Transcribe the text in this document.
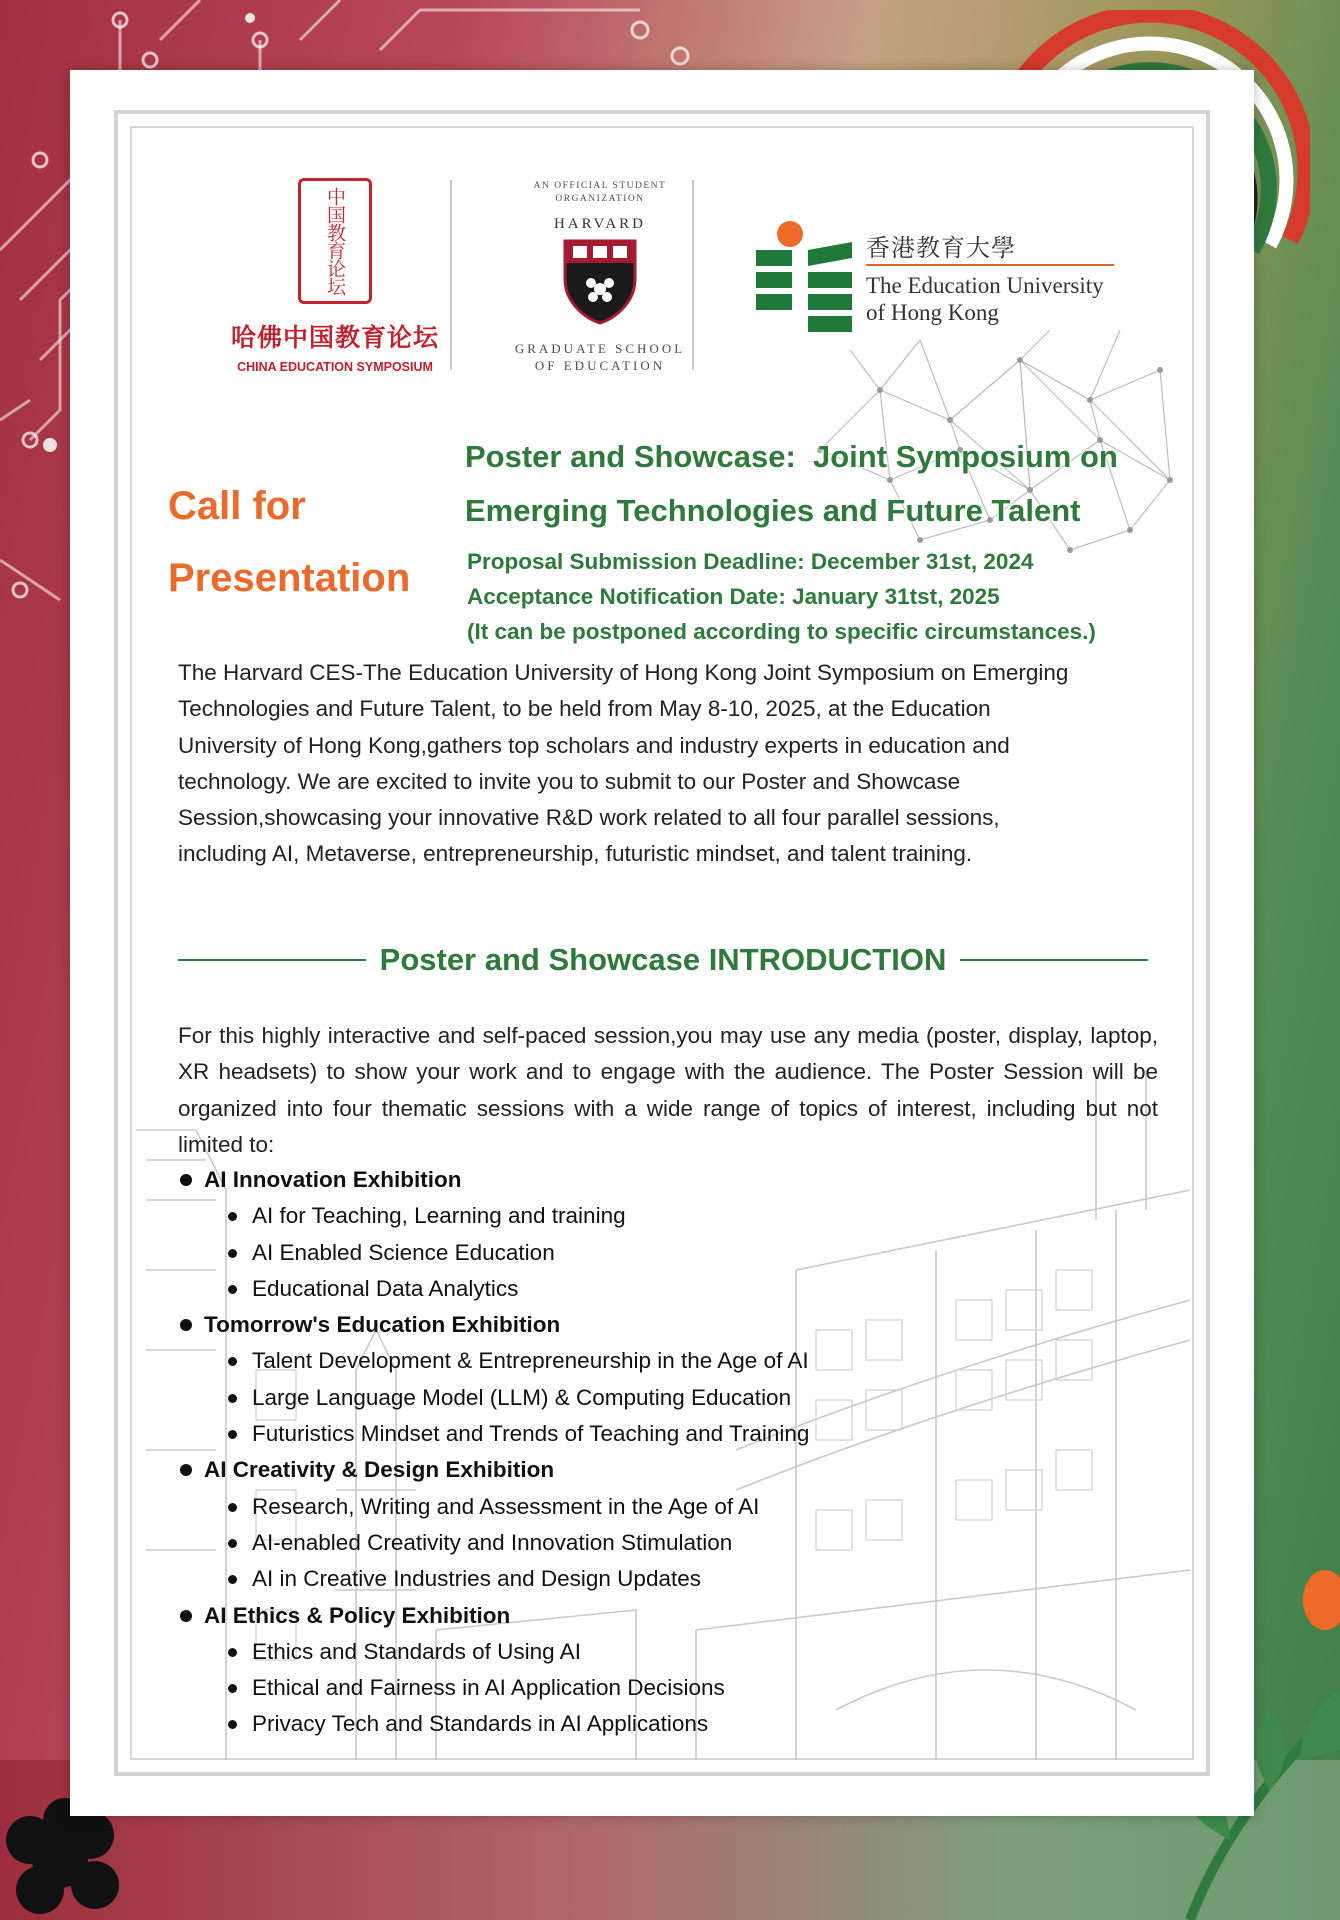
中国教育论坛
哈佛中国教育论坛
CHINA EDUCATION SYMPOSIUM
AN OFFICIAL STUDENT ORGANIZATION
HARVARD
GRADUATE SCHOOL
OF EDUCATION
香港教育大學
The Education University
of Hong Kong
Call for
Presentation
Poster and Showcase:  Joint Symposium on
Emerging Technologies and Future Talent
Proposal Submission Deadline: December 31st, 2024
Acceptance Notification Date: January 31tst, 2025
(It can be postponed according to specific circumstances.)
The Harvard CES-The Education University of Hong Kong Joint Symposium on Emerging
Technologies and Future Talent, to be held from May 8-10, 2025, at the Education
University of Hong Kong,gathers top scholars and industry experts in education and
technology. We are excited to invite you to submit to our Poster and Showcase
Session,showcasing your innovative R&D work related to all four parallel sessions,
including AI, Metaverse, entrepreneurship, futuristic mindset, and talent training.
Poster and Showcase INTRODUCTION
For this highly interactive and self-paced session,you may use any media (poster, display, laptop, XR headsets) to show your work and to engage with the audience. The Poster Session will be organized into four thematic sessions with a wide range of topics of interest, including but not limited to:
AI Innovation Exhibition
AI for Teaching, Learning and training
AI Enabled Science Education
Educational Data Analytics
Tomorrow's Education Exhibition
Talent Development & Entrepreneurship in the Age of AI
Large Language Model (LLM) & Computing Education
Futuristics Mindset and Trends of Teaching and Training
AI Creativity & Design Exhibition
Research, Writing and Assessment in the Age of AI
AI-enabled Creativity and Innovation Stimulation
AI in Creative Industries and Design Updates
AI Ethics & Policy Exhibition
Ethics and Standards of Using AI
Ethical and Fairness in AI Application Decisions
Privacy Tech and Standards in AI Applications
